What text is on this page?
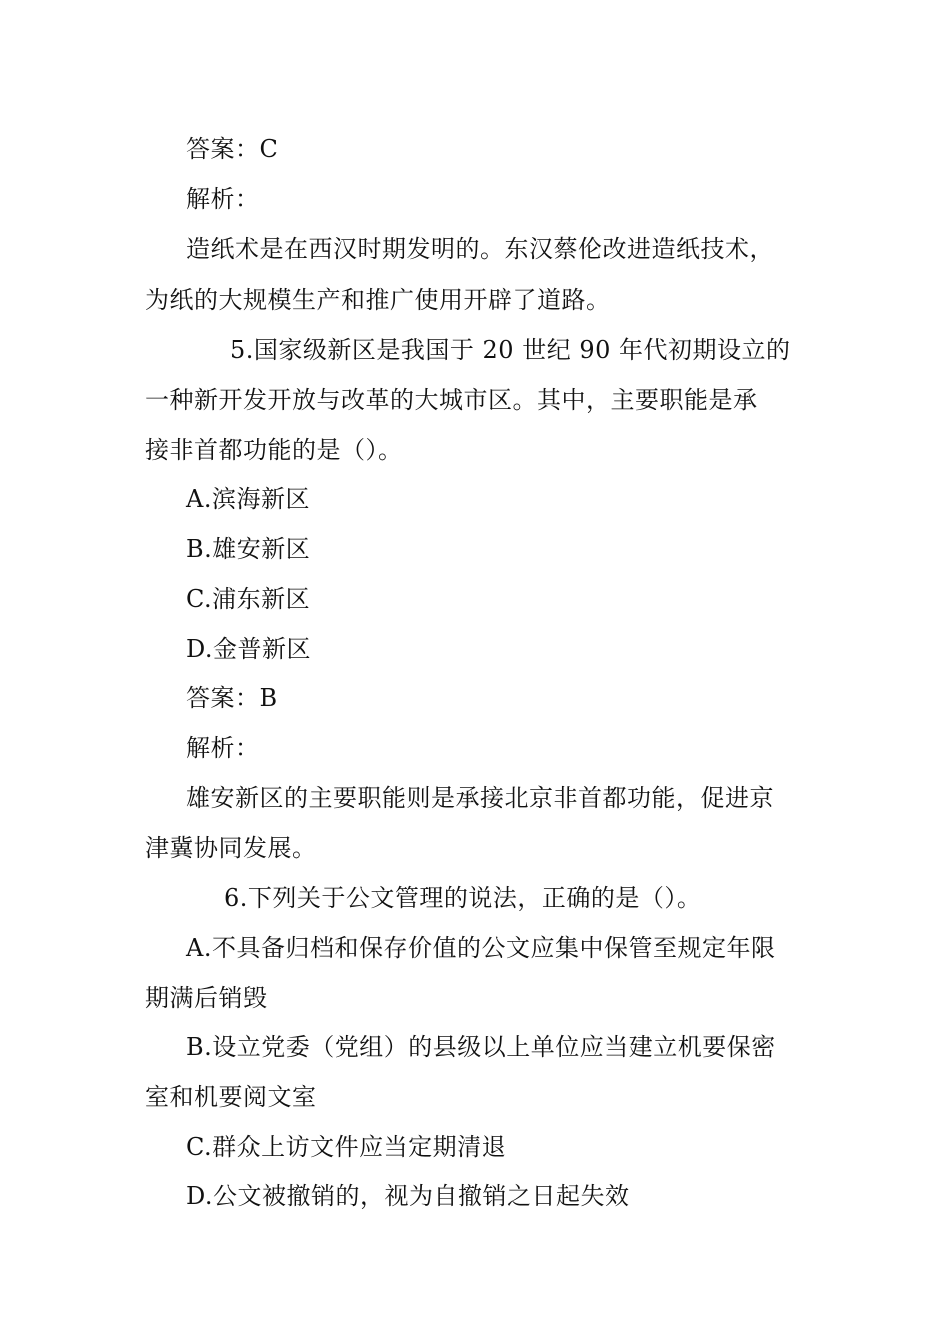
答案：C
解析：
造纸术是在西汉时期发明的。东汉蔡伦改进造纸技术，
为纸的大规模生产和推广使用开辟了道路。
5.国家级新区是我国于 20 世纪 90 年代初期设立的
一种新开发开放与改革的大城市区。其中，主要职能是承
接非首都功能的是（）。
A.滨海新区
B.雄安新区
C.浦东新区
D.金普新区
答案：B
解析：
雄安新区的主要职能则是承接北京非首都功能，促进京
津冀协同发展。
6.下列关于公文管理的说法，正确的是（）。
A.不具备归档和保存价值的公文应集中保管至规定年限
期满后销毁
B.设立党委（党组）的县级以上单位应当建立机要保密
室和机要阅文室
C.群众上访文件应当定期清退
D.公文被撤销的，视为自撤销之日起失效
